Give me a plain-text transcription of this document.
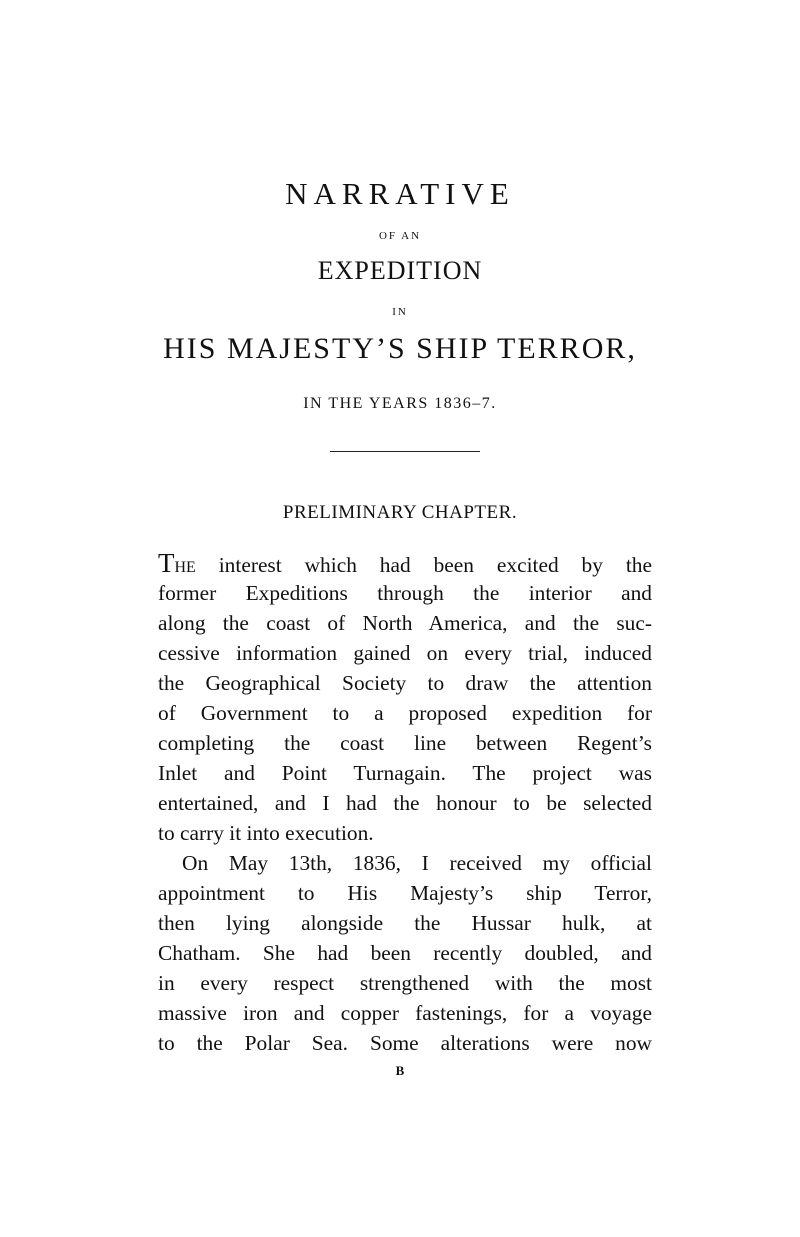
NARRATIVE
OF AN
EXPEDITION
IN
HIS MAJESTY’S SHIP TERROR,
IN THE YEARS 1836–7.
PRELIMINARY CHAPTER.
THE interest which had been excited by the
former Expeditions through the interior and
along the coast of North America, and the suc-
cessive information gained on every trial, induced
the Geographical Society to draw the attention
of Government to a proposed expedition for
completing the coast line between Regent’s
Inlet and Point Turnagain. The project was
entertained, and I had the honour to be selected
to carry it into execution.
On May 13th, 1836, I received my official
appointment to His Majesty’s ship Terror,
then lying alongside the Hussar hulk, at
Chatham. She had been recently doubled, and
in every respect strengthened with the most
massive iron and copper fastenings, for a voyage
to the Polar Sea. Some alterations were now
B
